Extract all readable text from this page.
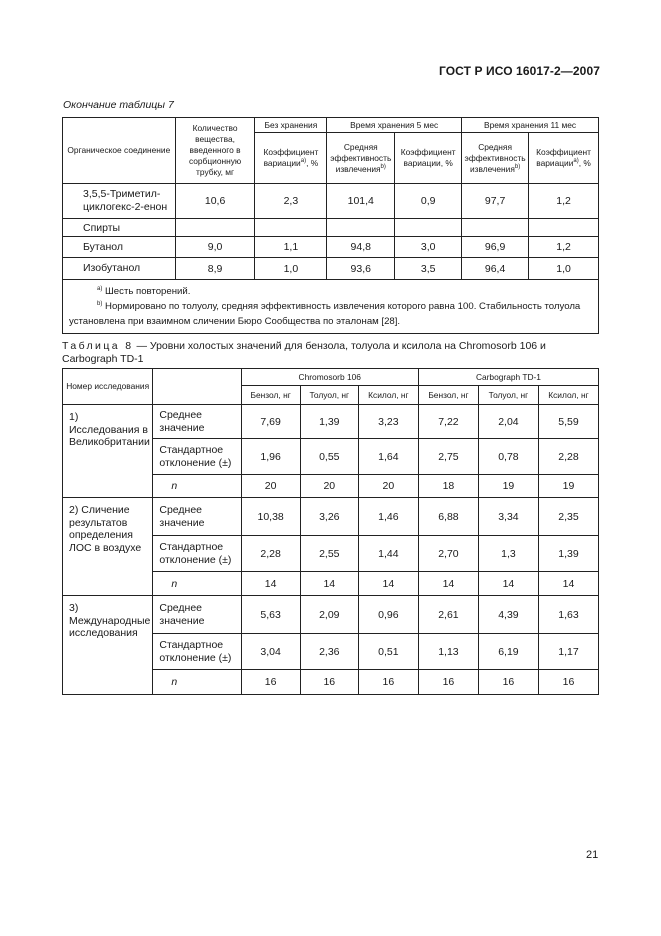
ГОСТ Р ИСО 16017-2—2007
Окончание таблицы 7
Органическое соединение	Количество вещества, введенного в сорбционную трубку, мг	Без хранения	Время хранения 5 мес		Время хранения 11 мес	
		Коэффициент вариации$^{a)}$, %	Средняя эффективность извлечения$^{b)}$	Коэффициент вариации, %	Средняя эффективность извлечения$^{b)}$	Коэффициент вариации$^{a)}$, %
3,5,5-Триметил-циклогекс-2-енон	10,6	2,3	101,4	0,9	97,7	1,2
Спирты						
Бутанол	9,0	1,1	94,8	3,0	96,9	1,2
Изобутанол	8,9	1,0	93,6	3,5	96,4	1,0

$^{a)}$ Шесть повторений.
$^{b)}$ Нормировано по толуолу, средняя эффективность извлечения которого равна 100. Стабильность толуола установлена при взаимном сличении Бюро Сообщества по эталонам [28].						
Таблица 8 — Уровни холостых значений для бензола, толуола и ксилола на Chromosorb 106 и Carbograph TD-1
Номер исследования		Chromosorb 106			Carbograph TD-1		
		Бензол, нг	Толуол, нг	Ксилол, нг	Бензол, нг	Толуол, нг	Ксилол, нг
1) Исследования в Великобритании	Среднее значение	7,69	1,39	3,23	7,22	2,04	5,59
	Стандартное отклонение (±)	1,96	0,55	1,64	2,75	0,78	2,28
	n	20	20	20	18	19	19
2) Сличение результатов определения ЛОС в воздухе	Среднее значение	10,38	3,26	1,46	6,88	3,34	2,35
	Стандартное отклонение (±)	2,28	2,55	1,44	2,70	1,3	1,39
	n	14	14	14	14	14	14
3) Международные исследования	Среднее значение	5,63	2,09	0,96	2,61	4,39	1,63
	Стандартное отклонение (±)	3,04	2,36	0,51	1,13	6,19	1,17
	n	16	16	16	16	16	16
21
